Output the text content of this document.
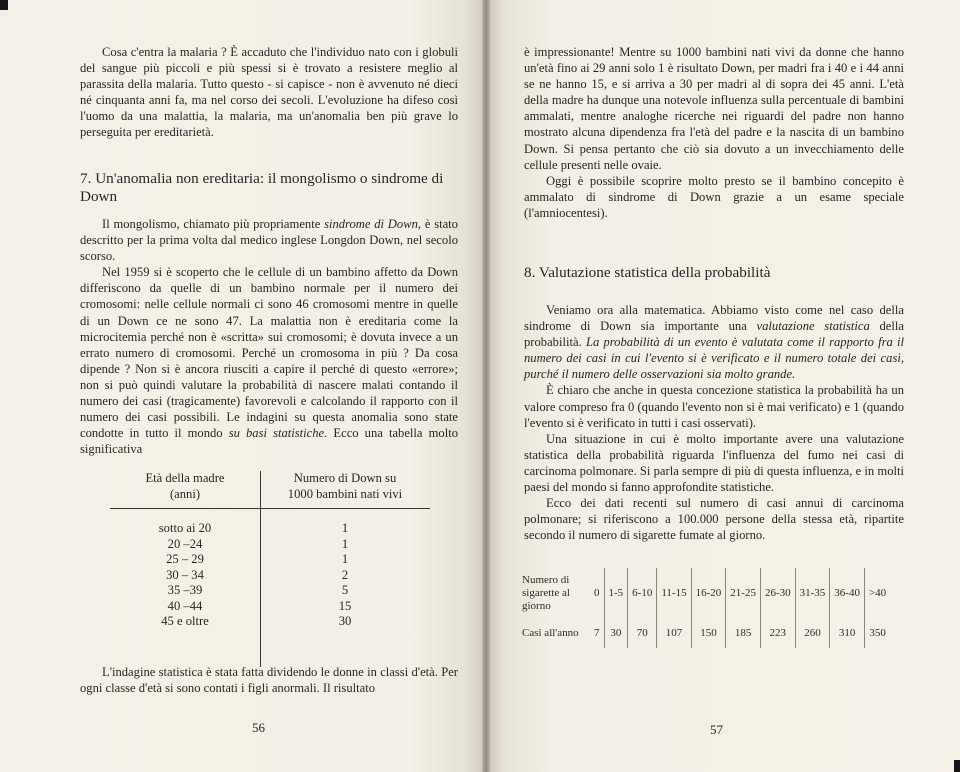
Cosa c'entra la malaria ? È accaduto che l'individuo nato con i globuli del sangue più piccoli e più spessi si è trovato a resistere meglio al parassita della malaria. Tutto questo - si capisce - non è avvenuto né dieci né cinquanta anni fa, ma nel corso dei secoli. L'evoluzione ha difeso così l'uomo da una malattia, la malaria, ma un'anomalia ben più grave lo perseguita per ereditarietà.

7. Un'anomalia non ereditaria: il mongolismo o sindrome di Down

Il mongolismo, chiamato più propriamente sindrome di Down, è stato descritto per la prima volta dal medico inglese Longdon Down, nel secolo scorso.

Nel 1959 si è scoperto che le cellule di un bambino affetto da Down differiscono da quelle di un bambino normale per il numero dei cromosomi: nelle cellule normali ci sono 46 cromosomi mentre in quelle di un Down ce ne sono 47. La malattia non è ereditaria come la microcitemia perché non è «scritta» sui cromosomi; è dovuta invece a un errato numero di cromosomi. Perché un cromosoma in più ? Da cosa dipende ? Non si è ancora riusciti a capire il perché di questo «errore»; non si può quindi valutare la probabilità di nascere malati contando il numero dei casi (tragicamente) favorevoli e calcolando il rapporto con il numero dei casi possibili. Le indagini su questa anomalia sono state condotte in tutto il mondo su basi statistiche. Ecco una tabella molto significativa

Età della madre
(anni)
Numero di Down su
1000 bambini nati vivi
sotto ai 20	1
20 –24	1
25 – 29	1
30 – 34	2
35 –39	5
40 –44	15
45 e oltre	30

L'indagine statistica è stata fatta dividendo le donne in classi d'età. Per ogni classe d'età si sono contati i figli anormali. Il risultato

56

è impressionante! Mentre su 1000 bambini nati vivi da donne che hanno un'età fino ai 29 anni solo 1 è risultato Down, per madri fra i 40 e i 44 anni se ne hanno 15, e si arriva a 30 per madri al di sopra dei 45 anni. L'età della madre ha dunque una notevole influenza sulla percentuale di bambini ammalati, mentre analoghe ricerche nei riguardi del padre non hanno mostrato alcuna dipendenza fra l'età del padre e la nascita di un bambino Down. Si pensa pertanto che ciò sia dovuto a un invecchiamento delle cellule presenti nelle ovaie.

Oggi è possibile scoprire molto presto se il bambino concepito è ammalato di sindrome di Down grazie a un esame speciale (l'amniocentesi).

8. Valutazione statistica della probabilità

Veniamo ora alla matematica. Abbiamo visto come nel caso della sindrome di Down sia importante una valutazione statistica della probabilità. La probabilità di un evento è valutata come il rapporto fra il numero dei casi in cui l'evento si è verificato e il numero totale dei casi, purché il numero delle osservazioni sia molto grande.

È chiaro che anche in questa concezione statistica la probabilità ha un valore compreso fra 0 (quando l'evento non si è mai verificato) e 1 (quando l'evento si è verificato in tutti i casi osservati).

Una situazione in cui è molto importante avere una valutazione statistica della probabilità riguarda l'influenza del fumo nei casi di carcinoma polmonare. Si parla sempre di più di questa influenza, e in molti paesi del mondo si fanno approfondite statistiche.

Ecco dei dati recenti sul numero di casi annui di carcinoma polmonare; si riferiscono a 100.000 persone della stessa età, ripartite secondo il numero di sigarette fumate al giorno.

Numero di sigarette al giorno	0	1-5	6-10	11-15	16-20	21-25	26-30	31-35	36-40	>40
Casi all'anno	7	30	70	107	150	185	223	260	310	350
57
